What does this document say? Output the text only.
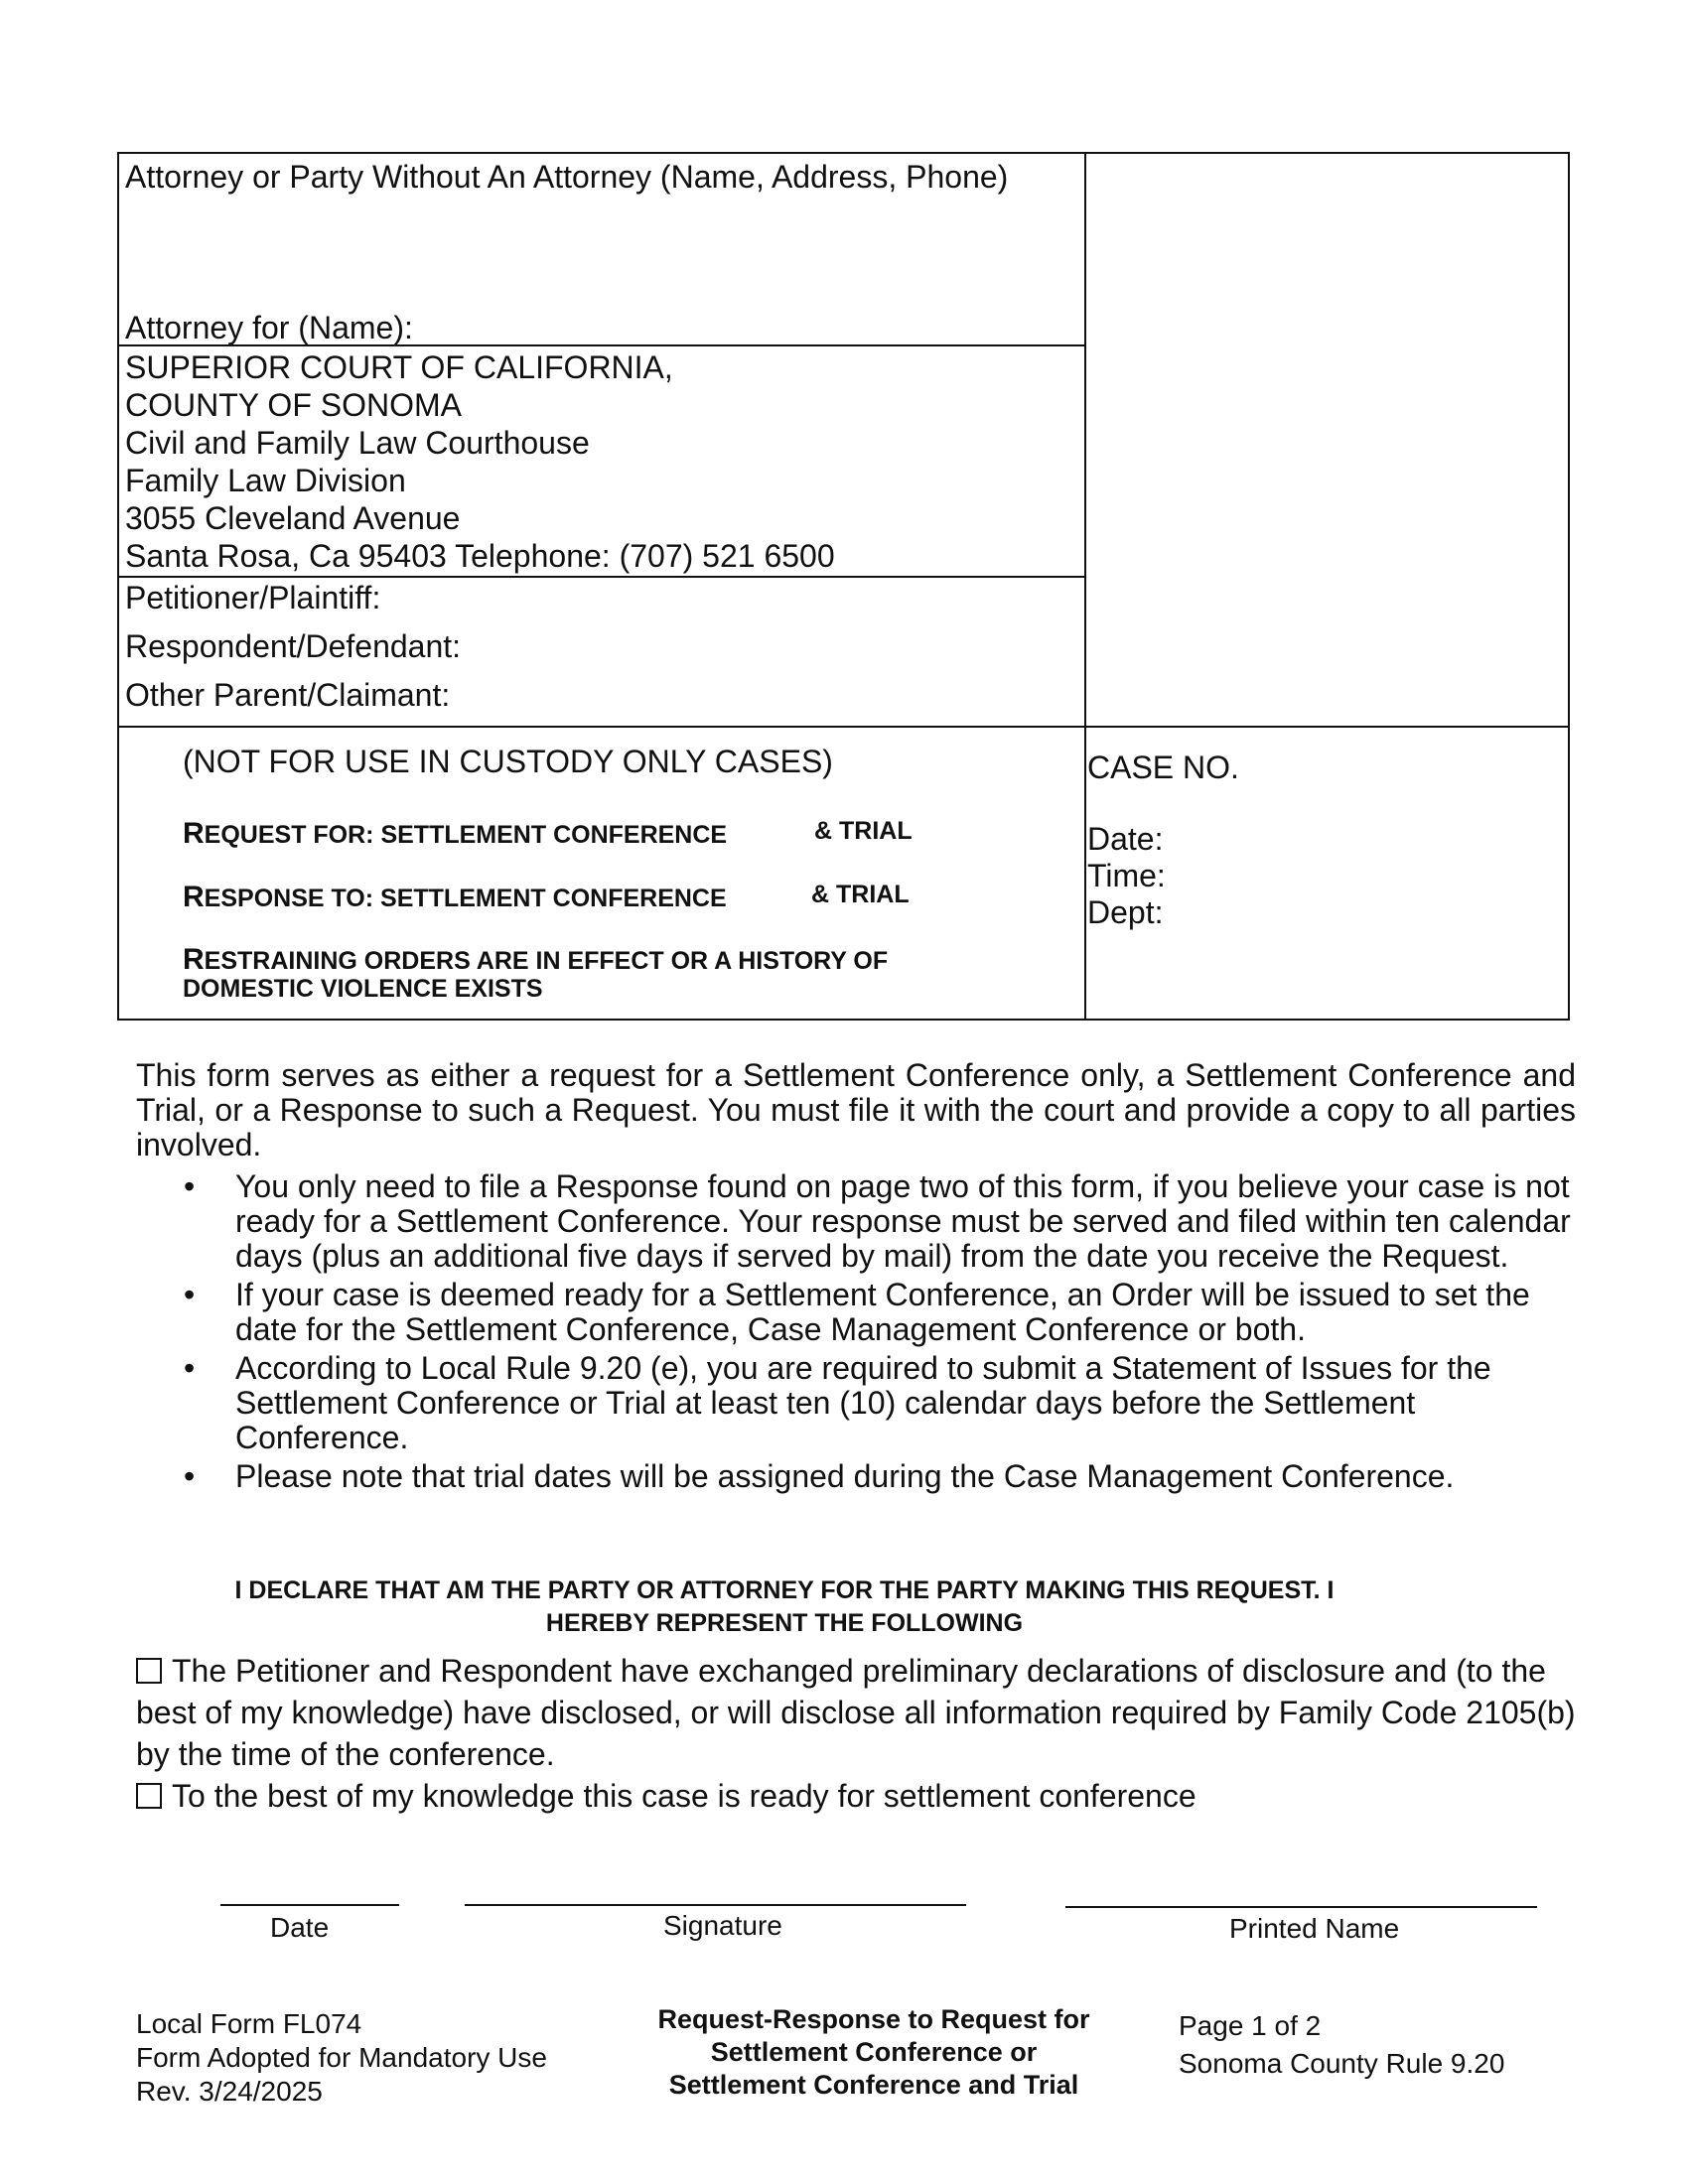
Attorney or Party Without An Attorney (Name, Address, Phone)
Attorney for (Name):
SUPERIOR COURT OF CALIFORNIA,
COUNTY OF SONOMA
Civil and Family Law Courthouse
Family Law Division
3055 Cleveland Avenue
Santa Rosa, Ca 95403 Telephone: (707) 521 6500
Petitioner/Plaintiff:
Respondent/Defendant:
Other Parent/Claimant:
(NOT FOR USE IN CUSTODY ONLY CASES)
REQUEST FOR: SETTLEMENT CONFERENCE	& TRIAL
RESPONSE TO: SETTLEMENT CONFERENCE	& TRIAL
RESTRAINING ORDERS ARE IN EFFECT OR A HISTORY OF
DOMESTIC VIOLENCE EXISTS
CASE NO.
Date:
Time:
Dept:
This form serves as either a request for a Settlement Conference only, a Settlement Conference and Trial, or a Response to such a Request. You must file it with the court and provide a copy to all parties involved.
• You only need to file a Response found on page two of this form, if you believe your case is not ready for a Settlement Conference. Your response must be served and filed within ten calendar days (plus an additional five days if served by mail) from the date you receive the Request.
• If your case is deemed ready for a Settlement Conference, an Order will be issued to set the date for the Settlement Conference, Case Management Conference or both.
• According to Local Rule 9.20 (e), you are required to submit a Statement of Issues for the Settlement Conference or Trial at least ten (10) calendar days before the Settlement Conference.
• Please note that trial dates will be assigned during the Case Management Conference.
I DECLARE THAT AM THE PARTY OR ATTORNEY FOR THE PARTY MAKING THIS REQUEST. I
HEREBY REPRESENT THE FOLLOWING
The Petitioner and Respondent have exchanged preliminary declarations of disclosure and (to the best of my knowledge) have disclosed, or will disclose all information required by Family Code 2105(b) by the time of the conference.
To the best of my knowledge this case is ready for settlement conference
Date	Signature	Printed Name
Local Form FL074
Form Adopted for Mandatory Use
Rev. 3/24/2025
Request-Response to Request for
Settlement Conference or
Settlement Conference and Trial
Page 1 of 2
Sonoma County Rule 9.20
